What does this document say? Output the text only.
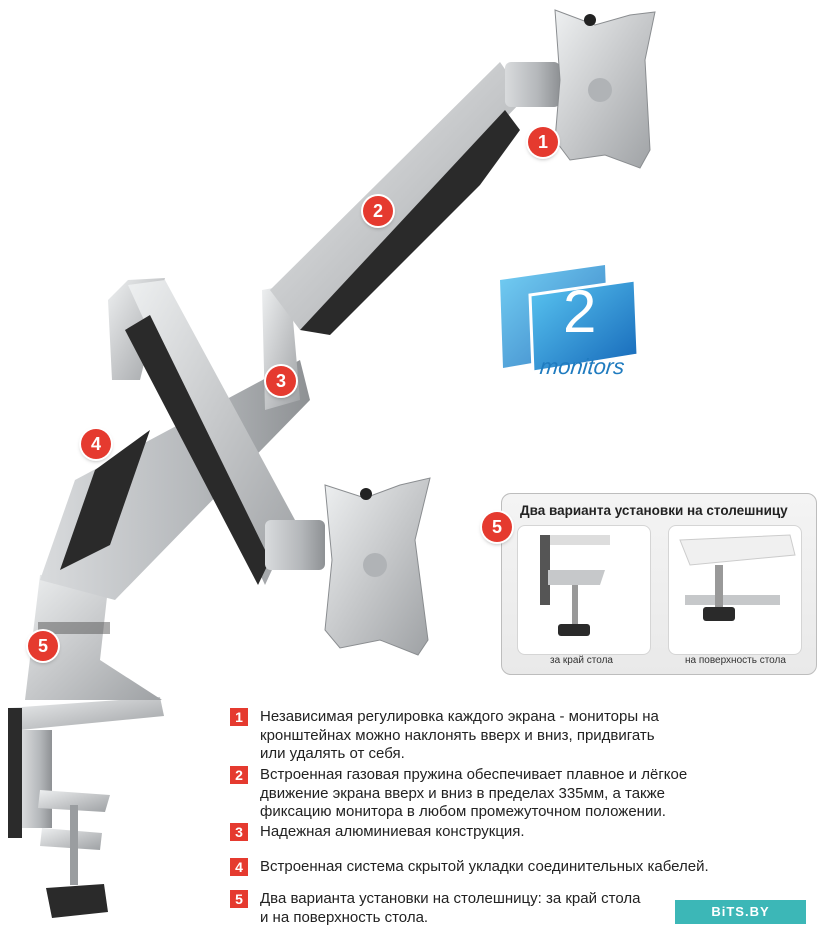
1
2
3
4
5
2
monitors
5
Два варианта установки на столешницу
за край стола	на поверхность стола
1	Независимая регулировка каждого экрана - мониторы на
кронштейнах можно наклонять вверх и вниз, придвигать
или удалять от себя.
2	Встроенная газовая пружина обеспечивает плавное и лёгкое
движение экрана вверх и вниз в пределах 335мм, а также
фиксацию монитора в любом промежуточном положении.
3	Надежная алюминиевая конструкция.
4	Встроенная система скрытой укладки соединительных кабелей.
5	Два варианта установки на столешницу: за край стола
и на поверхность стола.	BiTS.BY
